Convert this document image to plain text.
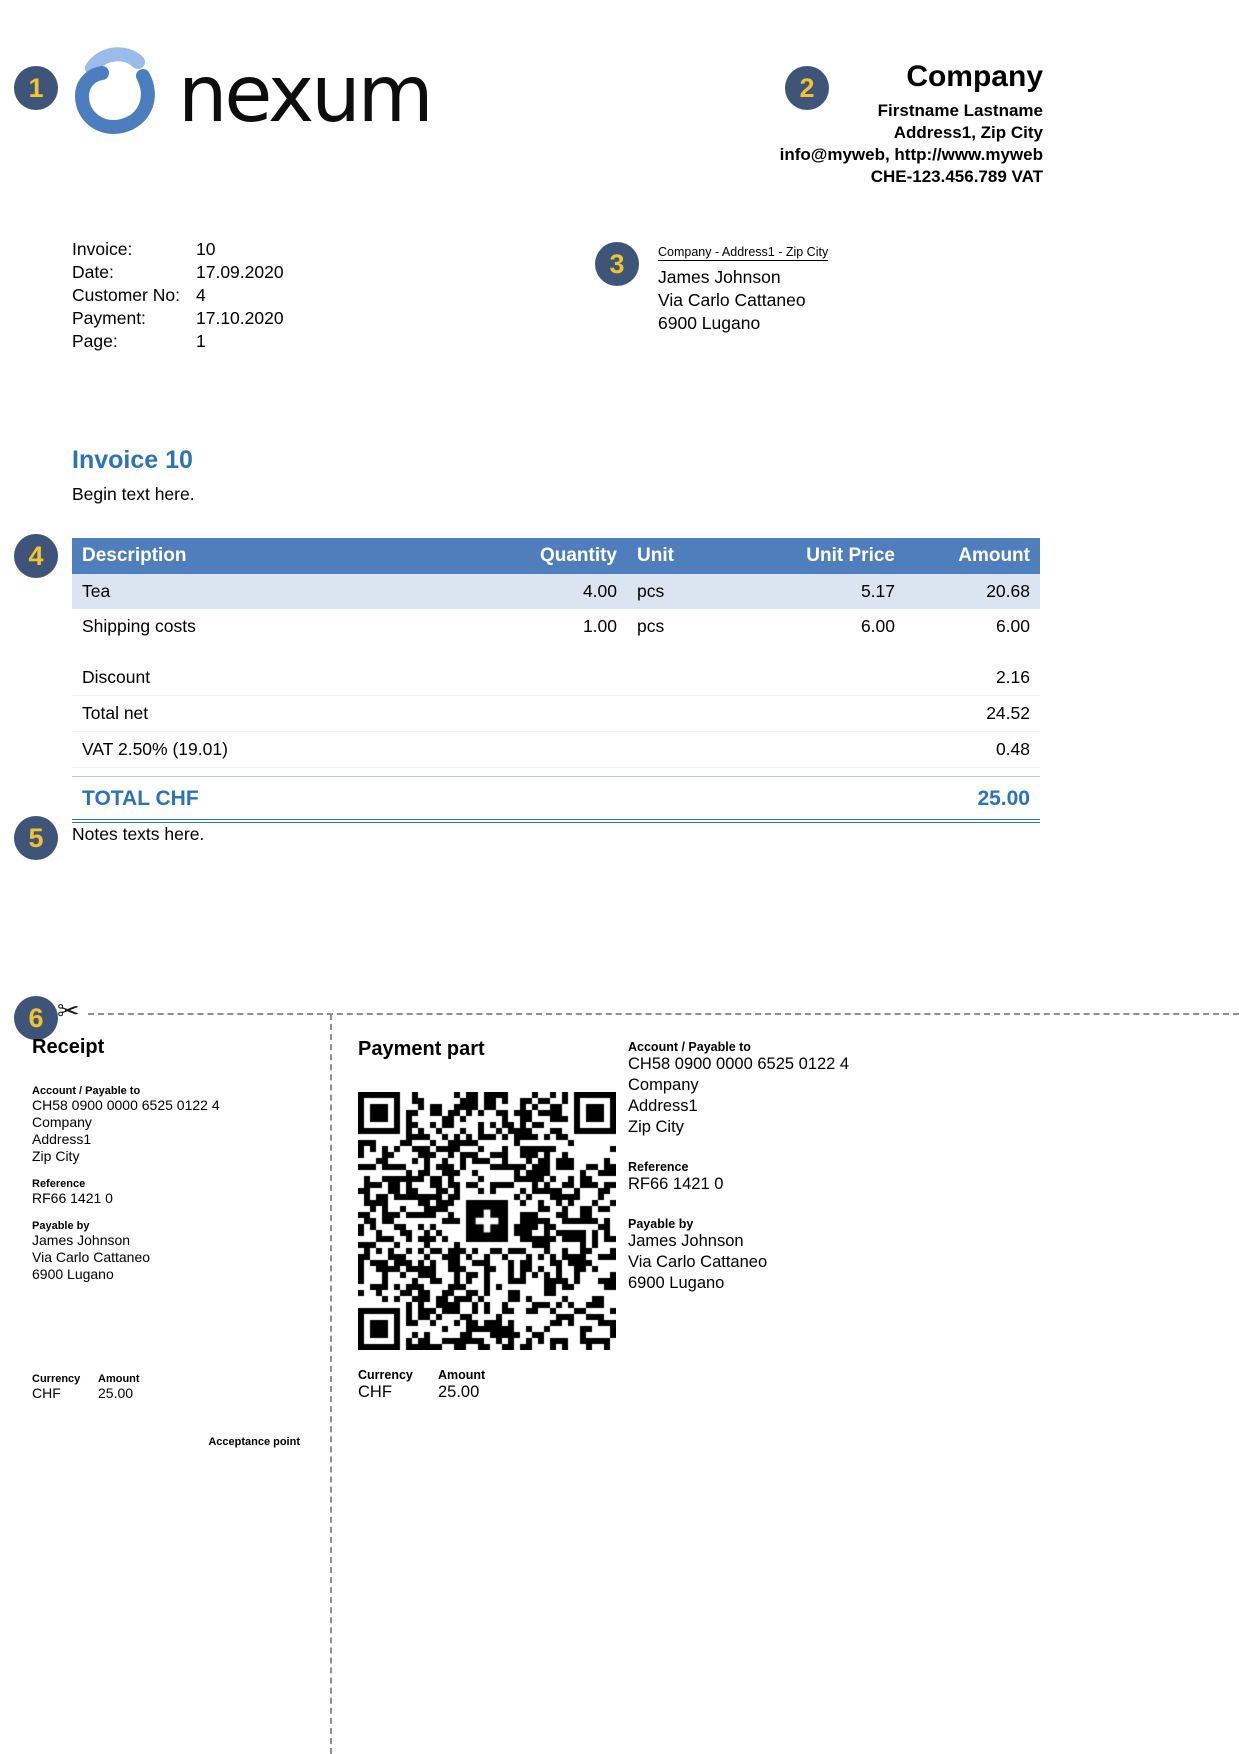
1	2
3
4
5
6
nexum	Company
Firstname Lastname
Address1, Zip City
info@myweb, http://www.myweb
CHE-123.456.789 VAT
Invoice:	10
Date:	17.09.2020
Customer No: 4
Payment:	17.10.2020
Page:	1
Company - Address1 - Zip City
James Johnson
Via Carlo Cattaneo
6900 Lugano
Invoice 10
Begin text here.
Description	Quantity	Unit	Unit Price	Amount
Tea	4.00	pcs	5.17	20.68
Shipping costs	1.00	pcs	6.00	6.00
Discount	2.16
Total net	24.52
VAT 2.50% (19.01)	0.48
TOTAL CHF	25.00
Notes texts here.
✂
Receipt
Account / Payable to
CH58 0900 0000 6525 0122 4
Company
Address1
Zip City
Reference
RF66 1421 0
Payable by
James Johnson
Via Carlo Cattaneo
6900 Lugano
Currency
CHF
Amount
25.00
Acceptance point
Payment part
Currency
CHF
Amount
25.00
Account / Payable to
CH58 0900 0000 6525 0122 4
Company
Address1
Zip City
Reference
RF66 1421 0
Payable by
James Johnson
Via Carlo Cattaneo
6900 Lugano
